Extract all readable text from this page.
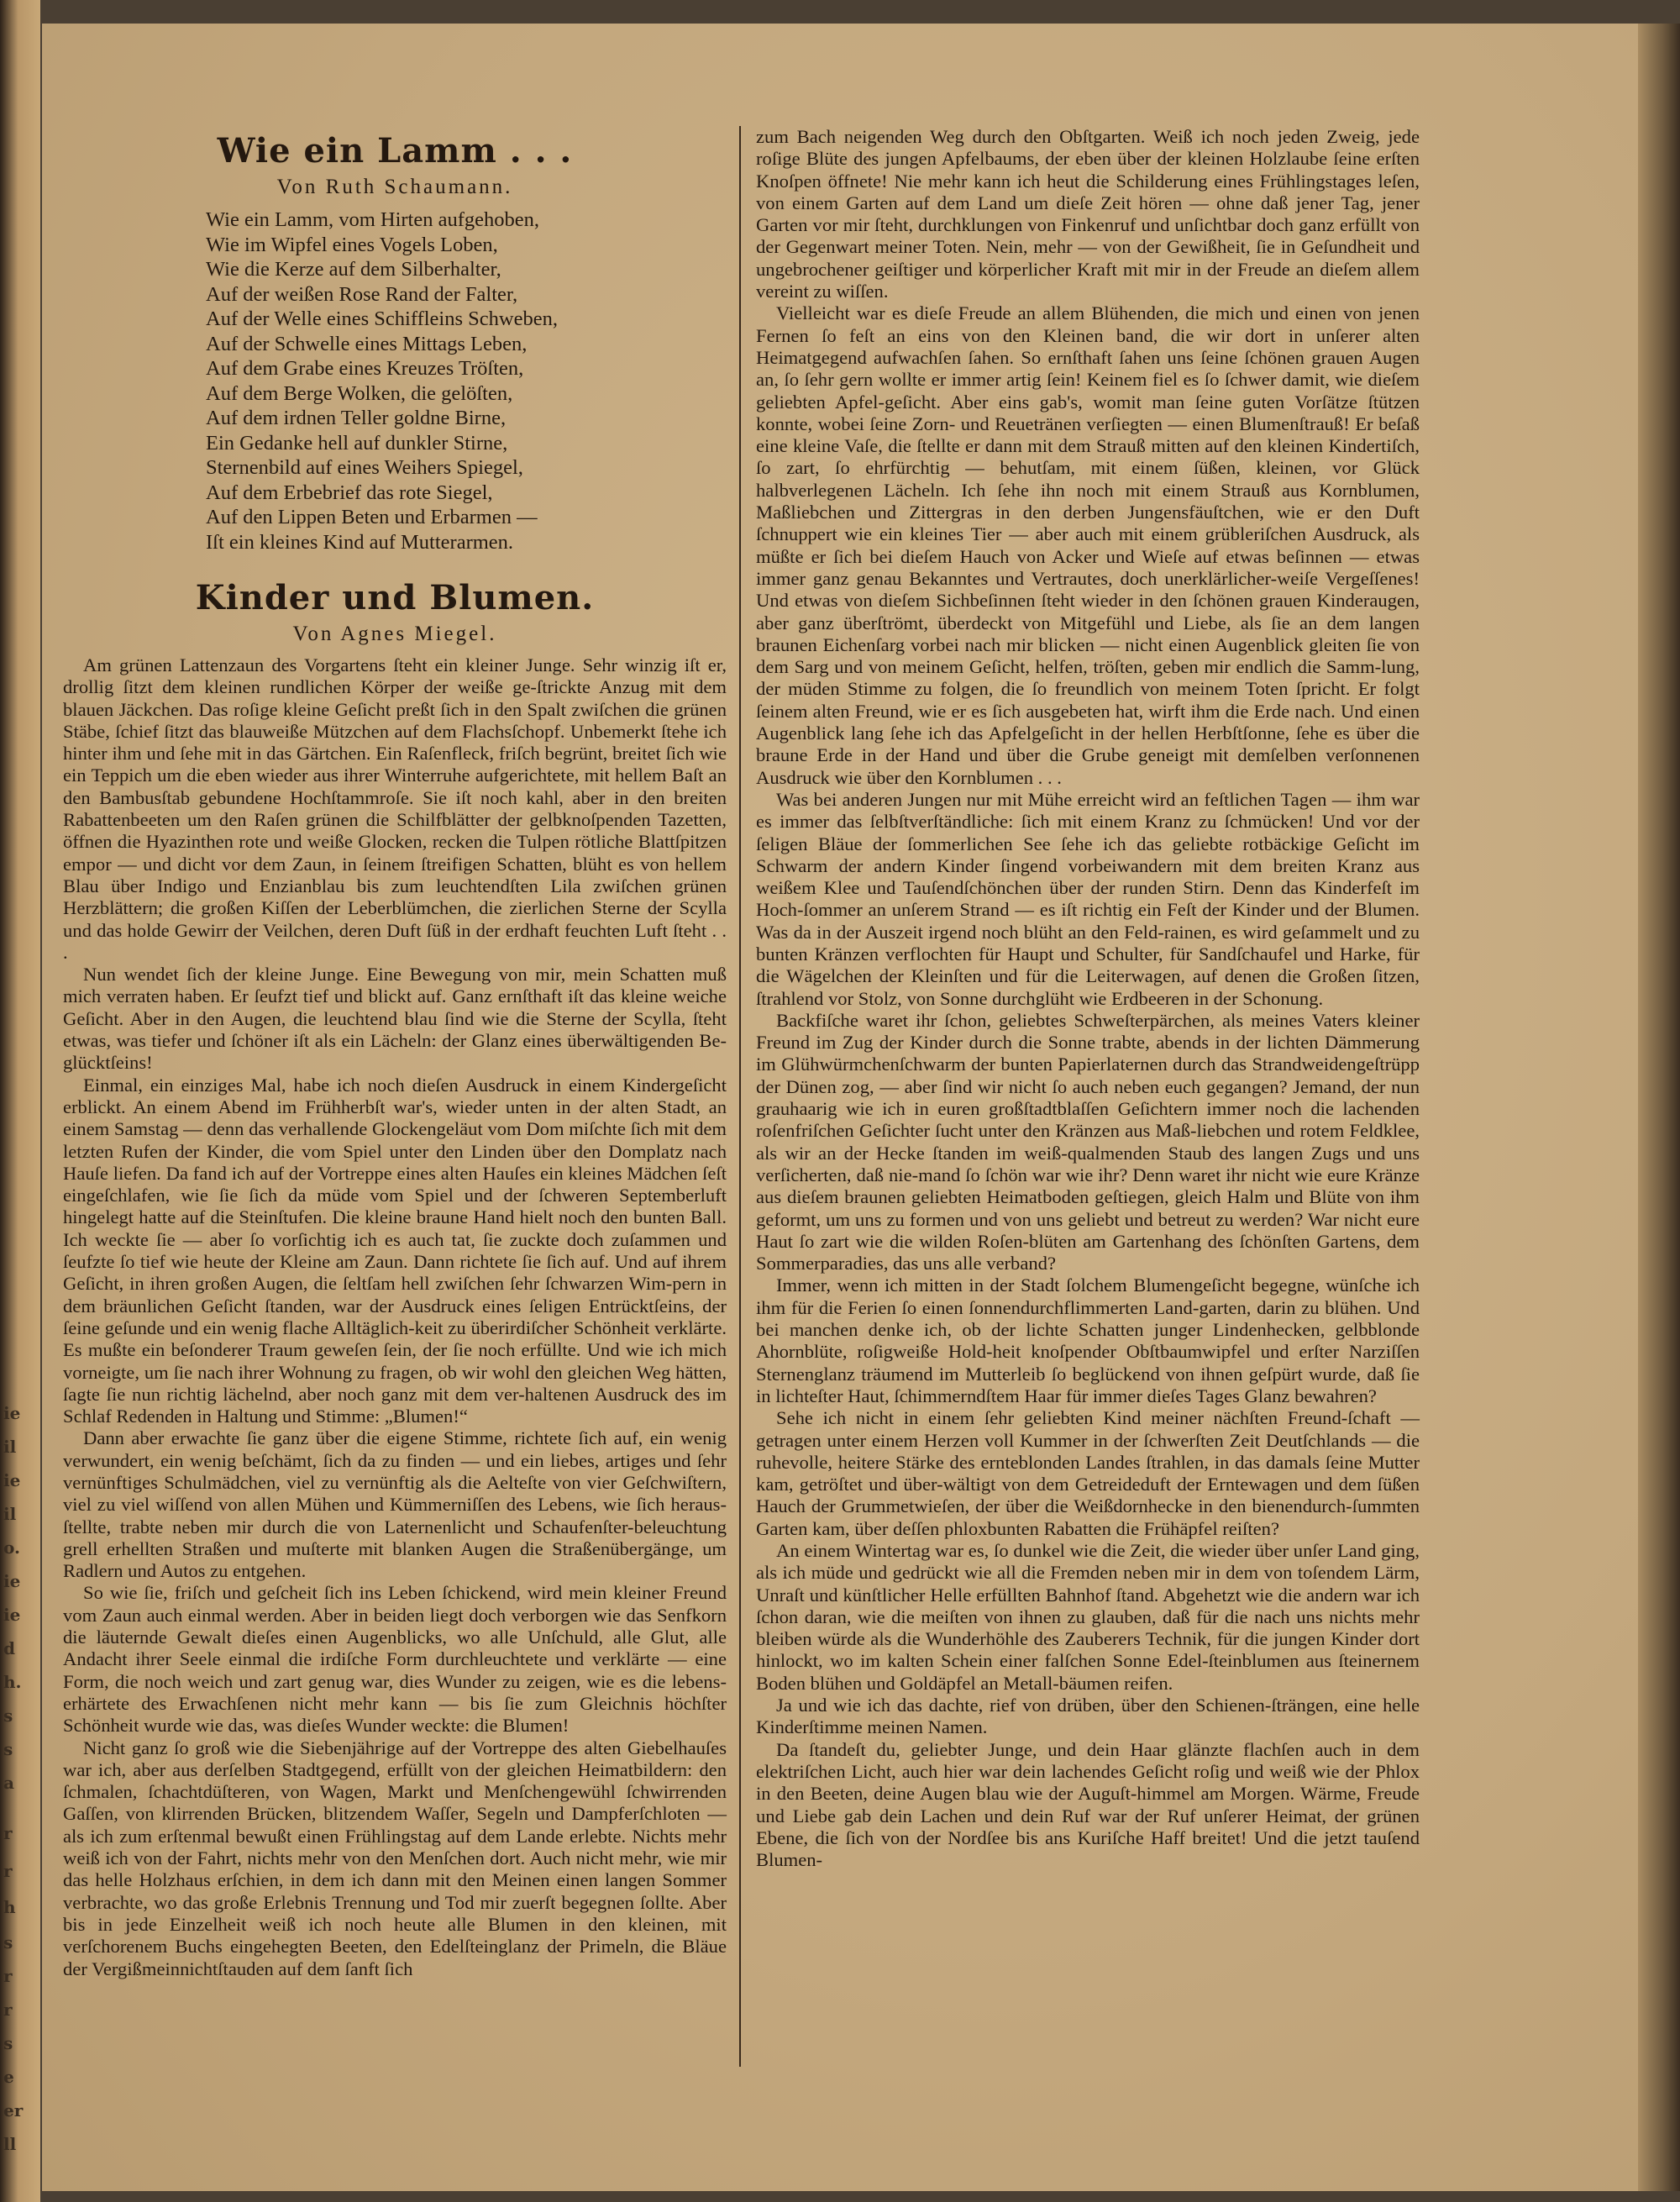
s
s
a
r
r
h
s
r
r
s
e
er
ll
h.
d
ie
ie
o.
il
ie
il
ie
Wie ein Lamm . . .
Von Ruth Schaumann.
Wie ein Lamm, vom Hirten aufgehoben,
Wie im Wipfel eines Vogels Loben,
Wie die Kerze auf dem Silberhalter,
Auf der weißen Rose Rand der Falter,
Auf der Welle eines Schiffleins Schweben,
Auf der Schwelle eines Mittags Leben,
Auf dem Grabe eines Kreuzes Tröſten,
Auf dem Berge Wolken, die gelöſten,
Auf dem irdnen Teller goldne Birne,
Ein Gedanke hell auf dunkler Stirne,
Sternenbild auf eines Weihers Spiegel,
Auf dem Erbebrief das rote Siegel,
Auf den Lippen Beten und Erbarmen —
Iſt ein kleines Kind auf Mutterarmen.
Kinder und Blumen.
Von Agnes Miegel.

Am grünen Lattenzaun des Vorgartens ſteht ein kleiner Junge. Sehr winzig iſt er, drollig ſitzt dem kleinen rundlichen Körper der weiße ge-ſtrickte Anzug mit dem blauen Jäckchen. Das roſige kleine Geſicht preßt ſich in den Spalt zwiſchen die grünen Stäbe, ſchief ſitzt das blauweiße Mützchen auf dem Flachsſchopf. Unbemerkt ſtehe ich hinter ihm und ſehe mit in das Gärtchen. Ein Raſenfleck, friſch begrünt, breitet ſich wie ein Teppich um die eben wieder aus ihrer Winterruhe aufgerichtete, mit hellem Baſt an den Bambusſtab gebundene Hochſtammroſe. Sie iſt noch kahl, aber in den breiten Rabattenbeeten um den Raſen grünen die Schilfblätter der gelbknoſpenden Tazetten, öffnen die Hyazinthen rote und weiße Glocken, recken die Tulpen rötliche Blattſpitzen empor — und dicht vor dem Zaun, in ſeinem ſtreifigen Schatten, blüht es von hellem Blau über Indigo und Enzianblau bis zum leuchtendſten Lila zwiſchen grünen Herzblättern; die großen Kiſſen der Leberblümchen, die zierlichen Sterne der Scylla und das holde Gewirr der Veilchen, deren Duft ſüß in der erdhaft feuchten Luft ſteht . . .

Nun wendet ſich der kleine Junge. Eine Bewegung von mir, mein Schatten muß mich verraten haben. Er ſeufzt tief und blickt auf. Ganz ernſthaft iſt das kleine weiche Geſicht. Aber in den Augen, die leuchtend blau ſind wie die Sterne der Scylla, ſteht etwas, was tiefer und ſchöner iſt als ein Lächeln: der Glanz eines überwältigenden Be-glücktſeins!

Einmal, ein einziges Mal, habe ich noch dieſen Ausdruck in einem Kindergeſicht erblickt. An einem Abend im Frühherbſt war's, wieder unten in der alten Stadt, an einem Samstag — denn das verhallende Glockengeläut vom Dom miſchte ſich mit dem letzten Rufen der Kinder, die vom Spiel unter den Linden über den Domplatz nach Hauſe liefen. Da fand ich auf der Vortreppe eines alten Hauſes ein kleines Mädchen ſeſt eingeſchlafen, wie ſie ſich da müde vom Spiel und der ſchweren Septemberluft hingelegt hatte auf die Steinſtufen. Die kleine braune Hand hielt noch den bunten Ball. Ich weckte ſie — aber ſo vorſichtig ich es auch tat, ſie zuckte doch zuſammen und ſeufzte ſo tief wie heute der Kleine am Zaun. Dann richtete ſie ſich auf. Und auf ihrem Geſicht, in ihren großen Augen, die ſeltſam hell zwiſchen ſehr ſchwarzen Wim-pern in dem bräunlichen Geſicht ſtanden, war der Ausdruck eines ſeligen Entrücktſeins, der ſeine geſunde und ein wenig flache Alltäglich-keit zu überirdiſcher Schönheit verklärte. Es mußte ein beſonderer Traum geweſen ſein, der ſie noch erfüllte. Und wie ich mich vorneigte, um ſie nach ihrer Wohnung zu fragen, ob wir wohl den gleichen Weg hätten, ſagte ſie nun richtig lächelnd, aber noch ganz mit dem ver-haltenen Ausdruck des im Schlaf Redenden in Haltung und Stimme: „Blumen!“

Dann aber erwachte ſie ganz über die eigene Stimme, richtete ſich auf, ein wenig verwundert, ein wenig beſchämt, ſich da zu finden — und ein liebes, artiges und ſehr vernünftiges Schulmädchen, viel zu vernünftig als die Aelteſte von vier Geſchwiſtern, viel zu viel wiſſend von allen Mühen und Kümmerniſſen des Lebens, wie ſich heraus-ſtellte, trabte neben mir durch die von Laternenlicht und Schaufenſter-beleuchtung grell erhellten Straßen und muſterte mit blanken Augen die Straßenübergänge, um Radlern und Autos zu entgehen.

So wie ſie, friſch und geſcheit ſich ins Leben ſchickend, wird mein kleiner Freund vom Zaun auch einmal werden. Aber in beiden liegt doch verborgen wie das Senfkorn die läuternde Gewalt dieſes einen Augenblicks, wo alle Unſchuld, alle Glut, alle Andacht ihrer Seele einmal die irdiſche Form durchleuchtete und verklärte — eine Form, die noch weich und zart genug war, dies Wunder zu zeigen, wie es die lebens-erhärtete des Erwachſenen nicht mehr kann — bis ſie zum Gleichnis höchſter Schönheit wurde wie das, was dieſes Wunder weckte: die Blumen!

Nicht ganz ſo groß wie die Siebenjährige auf der Vortreppe des alten Giebelhauſes war ich, aber aus derſelben Stadtgegend, erfüllt von der gleichen Heimatbildern: den ſchmalen, ſchachtdüſteren, von Wagen, Markt und Menſchengewühl ſchwirrenden Gaſſen, von klirrenden Brücken, blitzendem Waſſer, Segeln und Dampferſchloten — als ich zum erſtenmal bewußt einen Frühlingstag auf dem Lande erlebte. Nichts mehr weiß ich von der Fahrt, nichts mehr von den Menſchen dort. Auch nicht mehr, wie mir das helle Holzhaus erſchien, in dem ich dann mit den Meinen einen langen Sommer verbrachte, wo das große Erlebnis Trennung und Tod mir zuerſt begegnen ſollte. Aber bis in jede Einzelheit weiß ich noch heute alle Blumen in den kleinen, mit verſchorenem Buchs eingehegten Beeten, den Edelſteinglanz der Primeln, die Bläue der Vergißmeinnichtſtauden auf dem ſanft ſich

zum Bach neigenden Weg durch den Obſtgarten. Weiß ich noch jeden Zweig, jede roſige Blüte des jungen Apfelbaums, der eben über der kleinen Holzlaube ſeine erſten Knoſpen öffnete! Nie mehr kann ich heut die Schilderung eines Frühlingstages leſen, von einem Garten auf dem Land um dieſe Zeit hören — ohne daß jener Tag, jener Garten vor mir ſteht, durchklungen von Finkenruf und unſichtbar doch ganz erfüllt von der Gegenwart meiner Toten. Nein, mehr — von der Gewißheit, ſie in Geſundheit und ungebrochener geiſtiger und körperlicher Kraft mit mir in der Freude an dieſem allem vereint zu wiſſen.

Vielleicht war es dieſe Freude an allem Blühenden, die mich und einen von jenen Fernen ſo feſt an eins von den Kleinen band, die wir dort in unſerer alten Heimatgegend aufwachſen ſahen. So ernſthaft ſahen uns ſeine ſchönen grauen Augen an, ſo ſehr gern wollte er immer artig ſein! Keinem fiel es ſo ſchwer damit, wie dieſem geliebten Apfel-geſicht. Aber eins gab's, womit man ſeine guten Vorſätze ſtützen konnte, wobei ſeine Zorn- und Reuetränen verſiegten — einen Blumenſtrauß! Er beſaß eine kleine Vaſe, die ſtellte er dann mit dem Strauß mitten auf den kleinen Kindertiſch, ſo zart, ſo ehrfürchtig — behutſam, mit einem ſüßen, kleinen, vor Glück halbverlegenen Lächeln. Ich ſehe ihn noch mit einem Strauß aus Kornblumen, Maßliebchen und Zittergras in den derben Jungensfäuſtchen, wie er den Duft ſchnuppert wie ein kleines Tier — aber auch mit einem grübleriſchen Ausdruck, als müßte er ſich bei dieſem Hauch von Acker und Wieſe auf etwas beſinnen — etwas immer ganz genau Bekanntes und Vertrautes, doch unerklärlicher-weiſe Vergeſſenes! Und etwas von dieſem Sichbeſinnen ſteht wieder in den ſchönen grauen Kinderaugen, aber ganz überſtrömt, überdeckt von Mitgefühl und Liebe, als ſie an dem langen braunen Eichenſarg vorbei nach mir blicken — nicht einen Augenblick gleiten ſie von dem Sarg und von meinem Geſicht, helfen, tröſten, geben mir endlich die Samm-lung, der müden Stimme zu folgen, die ſo freundlich von meinem Toten ſpricht. Er folgt ſeinem alten Freund, wie er es ſich ausgebeten hat, wirft ihm die Erde nach. Und einen Augenblick lang ſehe ich das Apfelgeſicht in der hellen Herbſtſonne, ſehe es über die braune Erde in der Hand und über die Grube geneigt mit demſelben verſonnenen Ausdruck wie über den Kornblumen . . .

Was bei anderen Jungen nur mit Mühe erreicht wird an feſtlichen Tagen — ihm war es immer das ſelbſtverſtändliche: ſich mit einem Kranz zu ſchmücken! Und vor der ſeligen Bläue der ſommerlichen See ſehe ich das geliebte rotbäckige Geſicht im Schwarm der andern Kinder ſingend vorbeiwandern mit dem breiten Kranz aus weißem Klee und Tauſendſchönchen über der runden Stirn. Denn das Kinderfeſt im Hoch-ſommer an unſerem Strand — es iſt richtig ein Feſt der Kinder und der Blumen. Was da in der Auszeit irgend noch blüht an den Feld-rainen, es wird geſammelt und zu bunten Kränzen verflochten für Haupt und Schulter, für Sandſchaufel und Harke, für die Wägelchen der Kleinſten und für die Leiterwagen, auf denen die Großen ſitzen, ſtrahlend vor Stolz, von Sonne durchglüht wie Erdbeeren in der Schonung.

Backfiſche waret ihr ſchon, geliebtes Schweſterpärchen, als meines Vaters kleiner Freund im Zug der Kinder durch die Sonne trabte, abends in der lichten Dämmerung im Glühwürmchenſchwarm der bunten Papierlaternen durch das Strandweidengeſtrüpp der Dünen zog, — aber ſind wir nicht ſo auch neben euch gegangen? Jemand, der nun grauhaarig wie ich in euren großſtadtblaſſen Geſichtern immer noch die lachenden roſenfriſchen Geſichter ſucht unter den Kränzen aus Maß-liebchen und rotem Feldklee, als wir an der Hecke ſtanden im weiß-qualmenden Staub des langen Zugs und uns verſicherten, daß nie-mand ſo ſchön war wie ihr? Denn waret ihr nicht wie eure Kränze aus dieſem braunen geliebten Heimatboden geſtiegen, gleich Halm und Blüte von ihm geformt, um uns zu formen und von uns geliebt und betreut zu werden? War nicht eure Haut ſo zart wie die wilden Roſen-blüten am Gartenhang des ſchönſten Gartens, dem Sommerparadies, das uns alle verband?

Immer, wenn ich mitten in der Stadt ſolchem Blumengeſicht begegne, wünſche ich ihm für die Ferien ſo einen ſonnendurchflimmerten Land-garten, darin zu blühen. Und bei manchen denke ich, ob der lichte Schatten junger Lindenhecken, gelbblonde Ahornblüte, roſigweiße Hold-heit knoſpender Obſtbaumwipfel und erſter Narziſſen Sternenglanz träumend im Mutterleib ſo beglückend von ihnen geſpürt wurde, daß ſie in lichteſter Haut, ſchimmerndſtem Haar für immer dieſes Tages Glanz bewahren?

Sehe ich nicht in einem ſehr geliebten Kind meiner nächſten Freund-ſchaft — getragen unter einem Herzen voll Kummer in der ſchwerſten Zeit Deutſchlands — die ruhevolle, heitere Stärke des ernteblonden Landes ſtrahlen, in das damals ſeine Mutter kam, getröſtet und über-wältigt von dem Getreideduft der Erntewagen und dem ſüßen Hauch der Grummetwieſen, der über die Weißdornhecke in den bienendurch-ſummten Garten kam, über deſſen phloxbunten Rabatten die Frühäpfel reiſten?

An einem Wintertag war es, ſo dunkel wie die Zeit, die wieder über unſer Land ging, als ich müde und gedrückt wie all die Fremden neben mir in dem von toſendem Lärm, Unraſt und künſtlicher Helle erfüllten Bahnhof ſtand. Abgehetzt wie die andern war ich ſchon daran, wie die meiſten von ihnen zu glauben, daß für die nach uns nichts mehr bleiben würde als die Wunderhöhle des Zauberers Technik, für die jungen Kinder dort hinlockt, wo im kalten Schein einer falſchen Sonne Edel-ſteinblumen aus ſteinernem Boden blühen und Goldäpfel an Metall-bäumen reifen.

Ja und wie ich das dachte, rief von drüben, über den Schienen-ſträngen, eine helle Kinderſtimme meinen Namen.

Da ſtandeſt du, geliebter Junge, und dein Haar glänzte flachſen auch in dem elektriſchen Licht, auch hier war dein lachendes Geſicht roſig und weiß wie der Phlox in den Beeten, deine Augen blau wie der Auguſt-himmel am Morgen. Wärme, Freude und Liebe gab dein Lachen und dein Ruf war der Ruf unſerer Heimat, der grünen Ebene, die ſich von der Nordſee bis ans Kuriſche Haff breitet! Und die jetzt tauſend Blumen-
